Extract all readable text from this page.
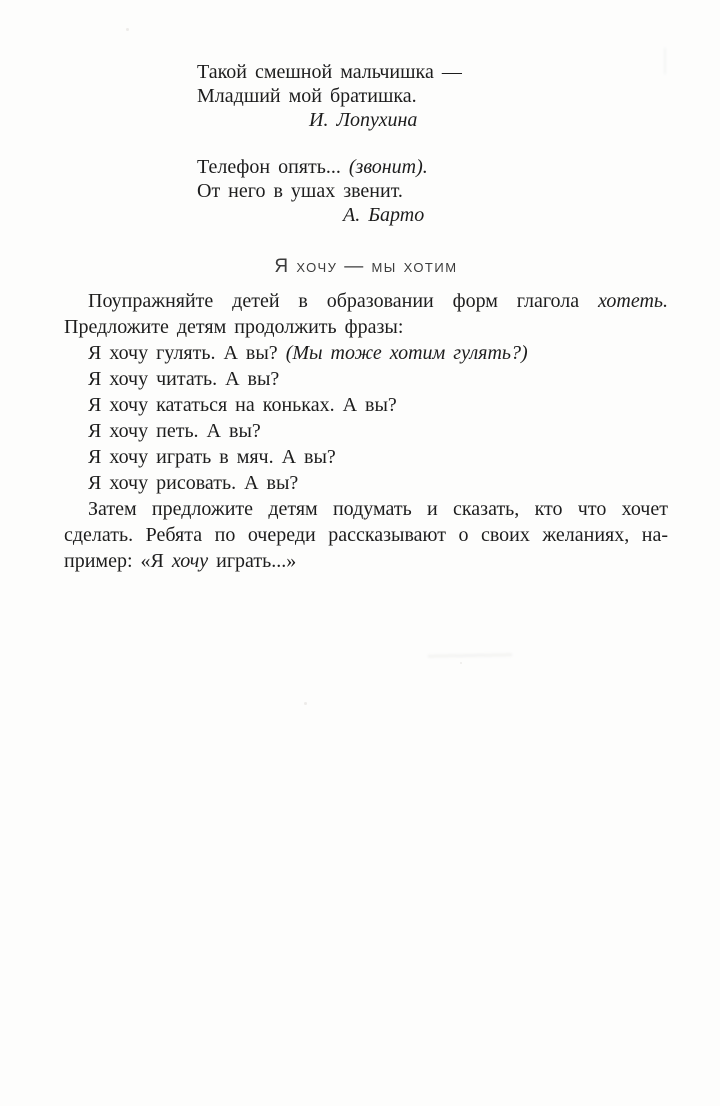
Такой смешной мальчишка —
Младший мой братишка.
И. Лопухина
Телефон опять... (звонит).
От него в ушах звенит.
А. Барто
Я хочу — мы хотим
Поупражняйте детей в образовании форм глагола хотеть.
Предложите детям продолжить фразы:
Я хочу гулять. А вы? (Мы тоже хотим гулять?)
Я хочу читать. А вы?
Я хочу кататься на коньках. А вы?
Я хочу петь. А вы?
Я хочу играть в мяч. А вы?
Я хочу рисовать. А вы?
Затем предложите детям подумать и сказать, кто что хочет
сделать. Ребята по очереди рассказывают о своих желаниях, на-
пример: «Я хочу играть...»
